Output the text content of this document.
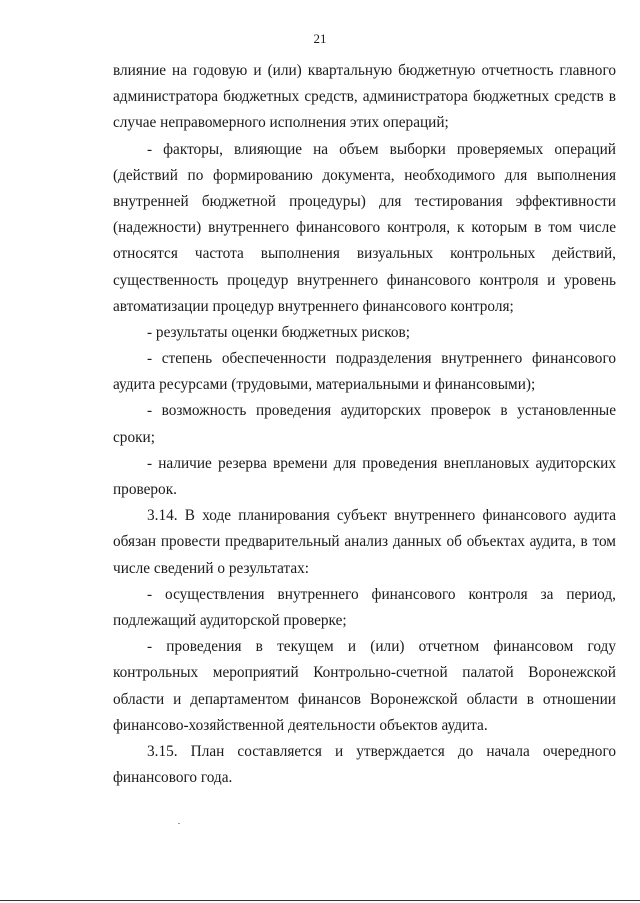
21
влияние на годовую и (или) квартальную бюджетную отчетность главного
администратора бюджетных средств, администратора бюджетных средств в
случае неправомерного исполнения этих операций;
- факторы, влияющие на объем выборки проверяемых операций
(действий по формированию документа, необходимого для выполнения
внутренней бюджетной процедуры) для тестирования эффективности
(надежности) внутреннего финансового контроля, к которым в том числе
относятся частота выполнения визуальных контрольных действий,
существенность процедур внутреннего финансового контроля и уровень
автоматизации процедур внутреннего финансового контроля;
- результаты оценки бюджетных рисков;
- степень обеспеченности подразделения внутреннего финансового
аудита ресурсами (трудовыми, материальными и финансовыми);
- возможность проведения аудиторских проверок в установленные
сроки;
- наличие резерва времени для проведения внеплановых аудиторских
проверок.
3.14. В ходе планирования субъект внутреннего финансового аудита
обязан провести предварительный анализ данных об объектах аудита, в том
числе сведений о результатах:
- осуществления внутреннего финансового контроля за период,
подлежащий аудиторской проверке;
- проведения в текущем и (или) отчетном финансовом году
контрольных мероприятий Контрольно-счетной палатой Воронежской
области и департаментом финансов Воронежской области в отношении
финансово-хозяйственной деятельности объектов аудита.
3.15. План составляется и утверждается до начала очередного
финансового года.
